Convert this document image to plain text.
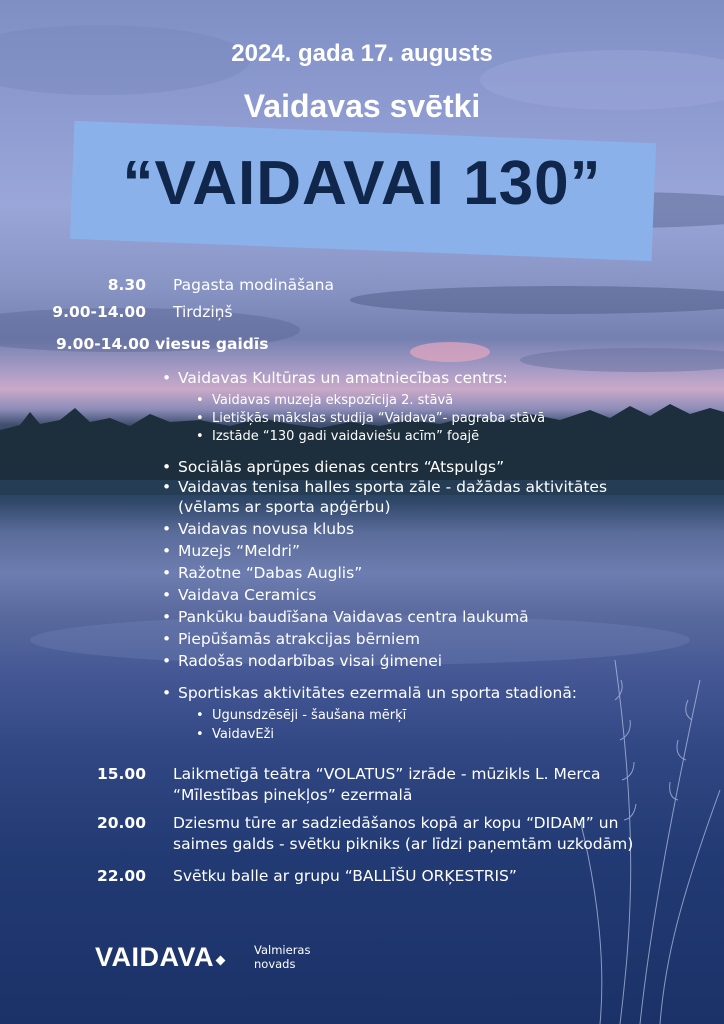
2024. gada 17. augusts
Vaidavas svētki
“VAIDAVAI 130”
8.30 Pagasta modināšana
9.00-14.00 Tirdziņš
9.00-14.00 viesus gaidīs
• Vaidavas Kultūras un amatniecības centrs:
• Vaidavas muzeja ekspozīcija 2. stāvā
• Lietišķās mākslas studija “Vaidava”- pagraba stāvā
• Izstāde “130 gadi vaidaviešu acīm” foajē
• Sociālās aprūpes dienas centrs “Atspulgs”
• Vaidavas tenisa halles sporta zāle - dažādas aktivitātes
(vēlams ar sporta apģērbu)
• Vaidavas novusa klubs
• Muzejs “Meldri”
• Ražotne “Dabas Auglis”
• Vaidava Ceramics
• Pankūku baudīšana Vaidavas centra laukumā
• Piepūšamās atrakcijas bērniem
• Radošas nodarbības visai ģimenei
• Sportiskas aktivitātes ezermalā un sporta stadionā:
• Ugunsdzēsēji - šaušana mērķī
• VaidavEži
15.00 Laikmetīgā teātra “VOLATUS” izrāde - mūzikls L. Merca
“Mīlestības pinekļos” ezermalā
20.00 Dziesmu tūre ar sadziedāšanos kopā ar kopu “DIDAM” un
saimes galds - svētku pikniks (ar līdzi paņemtām uzkodām)
22.00 Svētku balle ar grupu “BALLĪŠU ORĶESTRIS”
VAIDAVA	Valmieras
novads
